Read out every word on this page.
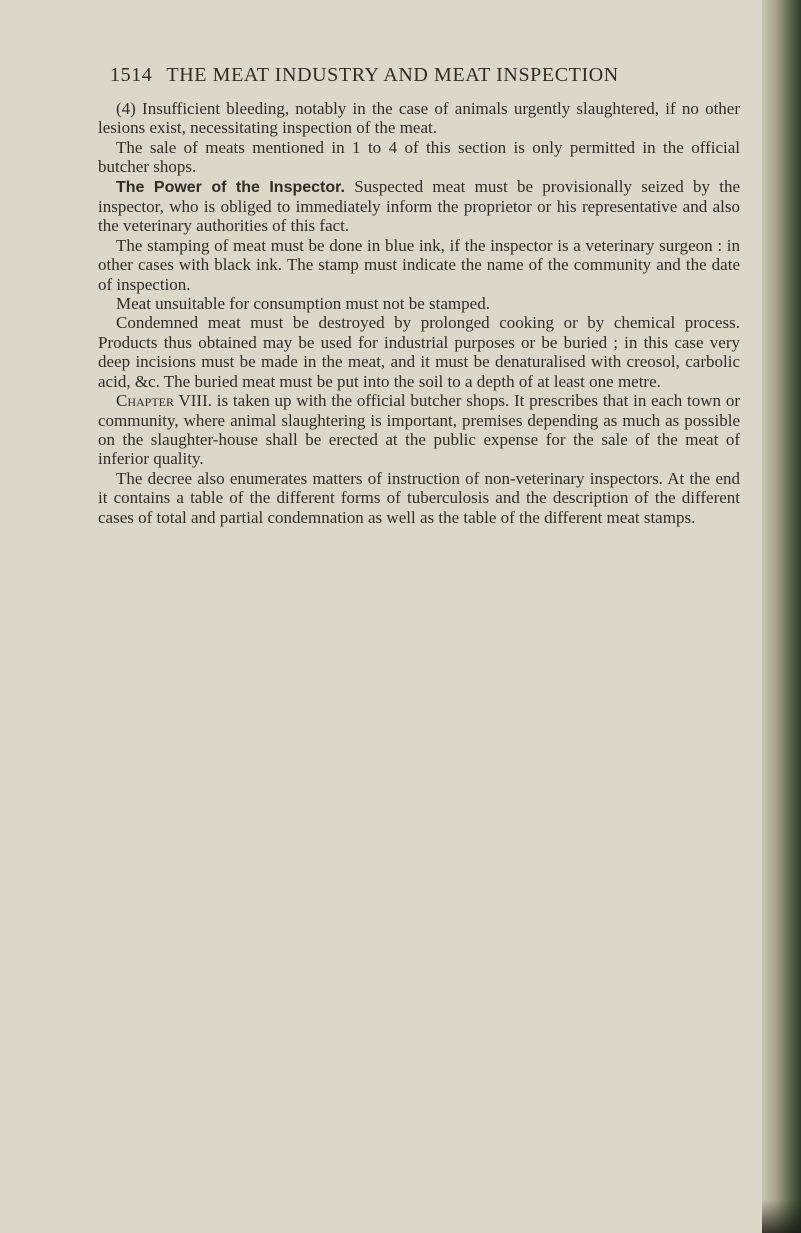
1514 THE MEAT INDUSTRY AND MEAT INSPECTION

(4) Insufficient bleeding, notably in the case of animals urgently slaughtered, if no other lesions exist, necessitating inspection of the meat.

The sale of meats mentioned in 1 to 4 of this section is only permitted in the official butcher shops.

The Power of the Inspector. Suspected meat must be provisionally seized by the inspector, who is obliged to immediately inform the proprietor or his representative and also the veterinary authorities of this fact.

The stamping of meat must be done in blue ink, if the inspector is a veterinary surgeon : in other cases with black ink. The stamp must indicate the name of the community and the date of inspection.

Meat unsuitable for consumption must not be stamped.

Condemned meat must be destroyed by prolonged cooking or by chemical process. Products thus obtained may be used for industrial purposes or be buried ; in this case very deep incisions must be made in the meat, and it must be denaturalised with creosol, carbolic acid, &c. The buried meat must be put into the soil to a depth of at least one metre.

Chapter VIII. is taken up with the official butcher shops. It prescribes that in each town or community, where animal slaughtering is important, premises depending as much as possible on the slaughter-house shall be erected at the public expense for the sale of the meat of inferior quality.

The decree also enumerates matters of instruction of non-veterinary inspectors. At the end it contains a table of the different forms of tuberculosis and the description of the different cases of total and partial condemnation as well as the table of the different meat stamps.
